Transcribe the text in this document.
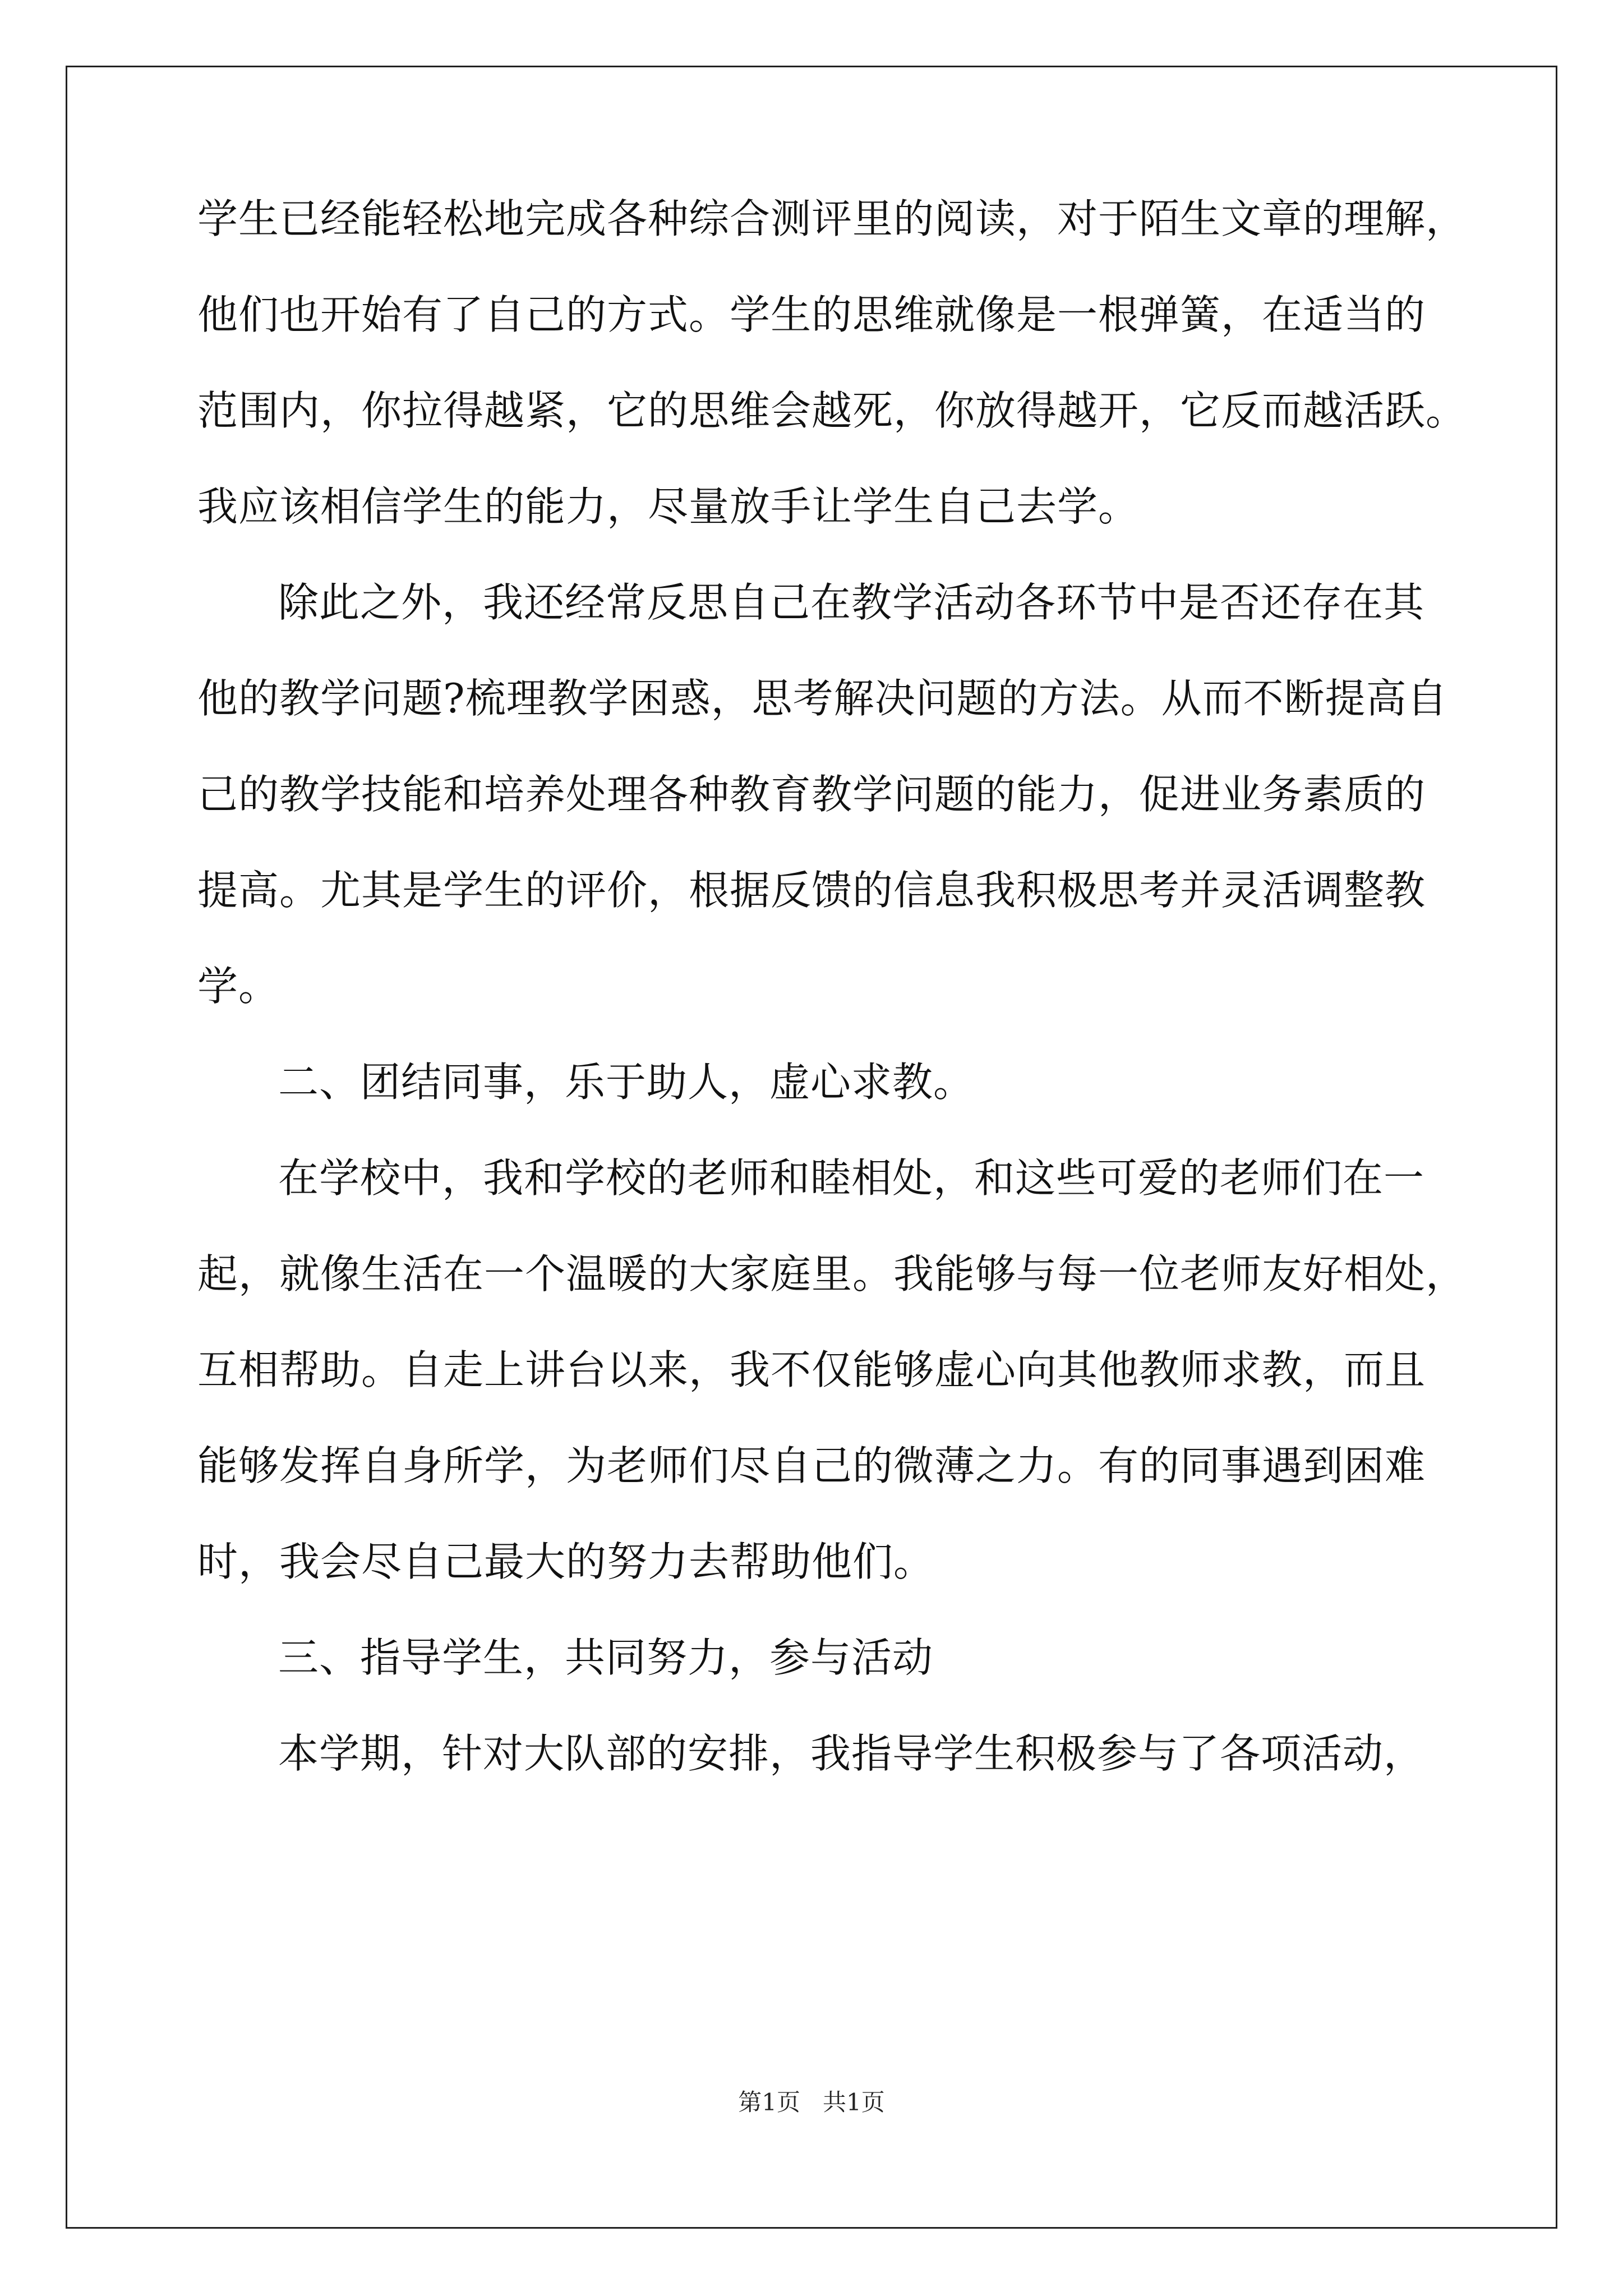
学生已经能轻松地完成各种综合测评里的阅读，对于陌生文章的理解，
他们也开始有了自己的方式。学生的思维就像是一根弹簧，在适当的
范围内，你拉得越紧，它的思维会越死，你放得越开，它反而越活跃。
我应该相信学生的能力，尽量放手让学生自己去学。
除此之外，我还经常反思自己在教学活动各环节中是否还存在其
他的教学问题?梳理教学困惑，思考解决问题的方法。从而不断提高自
己的教学技能和培养处理各种教育教学问题的能力，促进业务素质的
提高。尤其是学生的评价，根据反馈的信息我积极思考并灵活调整教
学。
二、团结同事，乐于助人，虚心求教。
在学校中，我和学校的老师和睦相处，和这些可爱的老师们在一
起，就像生活在一个温暖的大家庭里。我能够与每一位老师友好相处，
互相帮助。自走上讲台以来，我不仅能够虚心向其他教师求教，而且
能够发挥自身所学，为老师们尽自己的微薄之力。有的同事遇到困难
时，我会尽自己最大的努力去帮助他们。
三、指导学生，共同努力，参与活动
本学期，针对大队部的安排，我指导学生积极参与了各项活动，
第1页   共1页
